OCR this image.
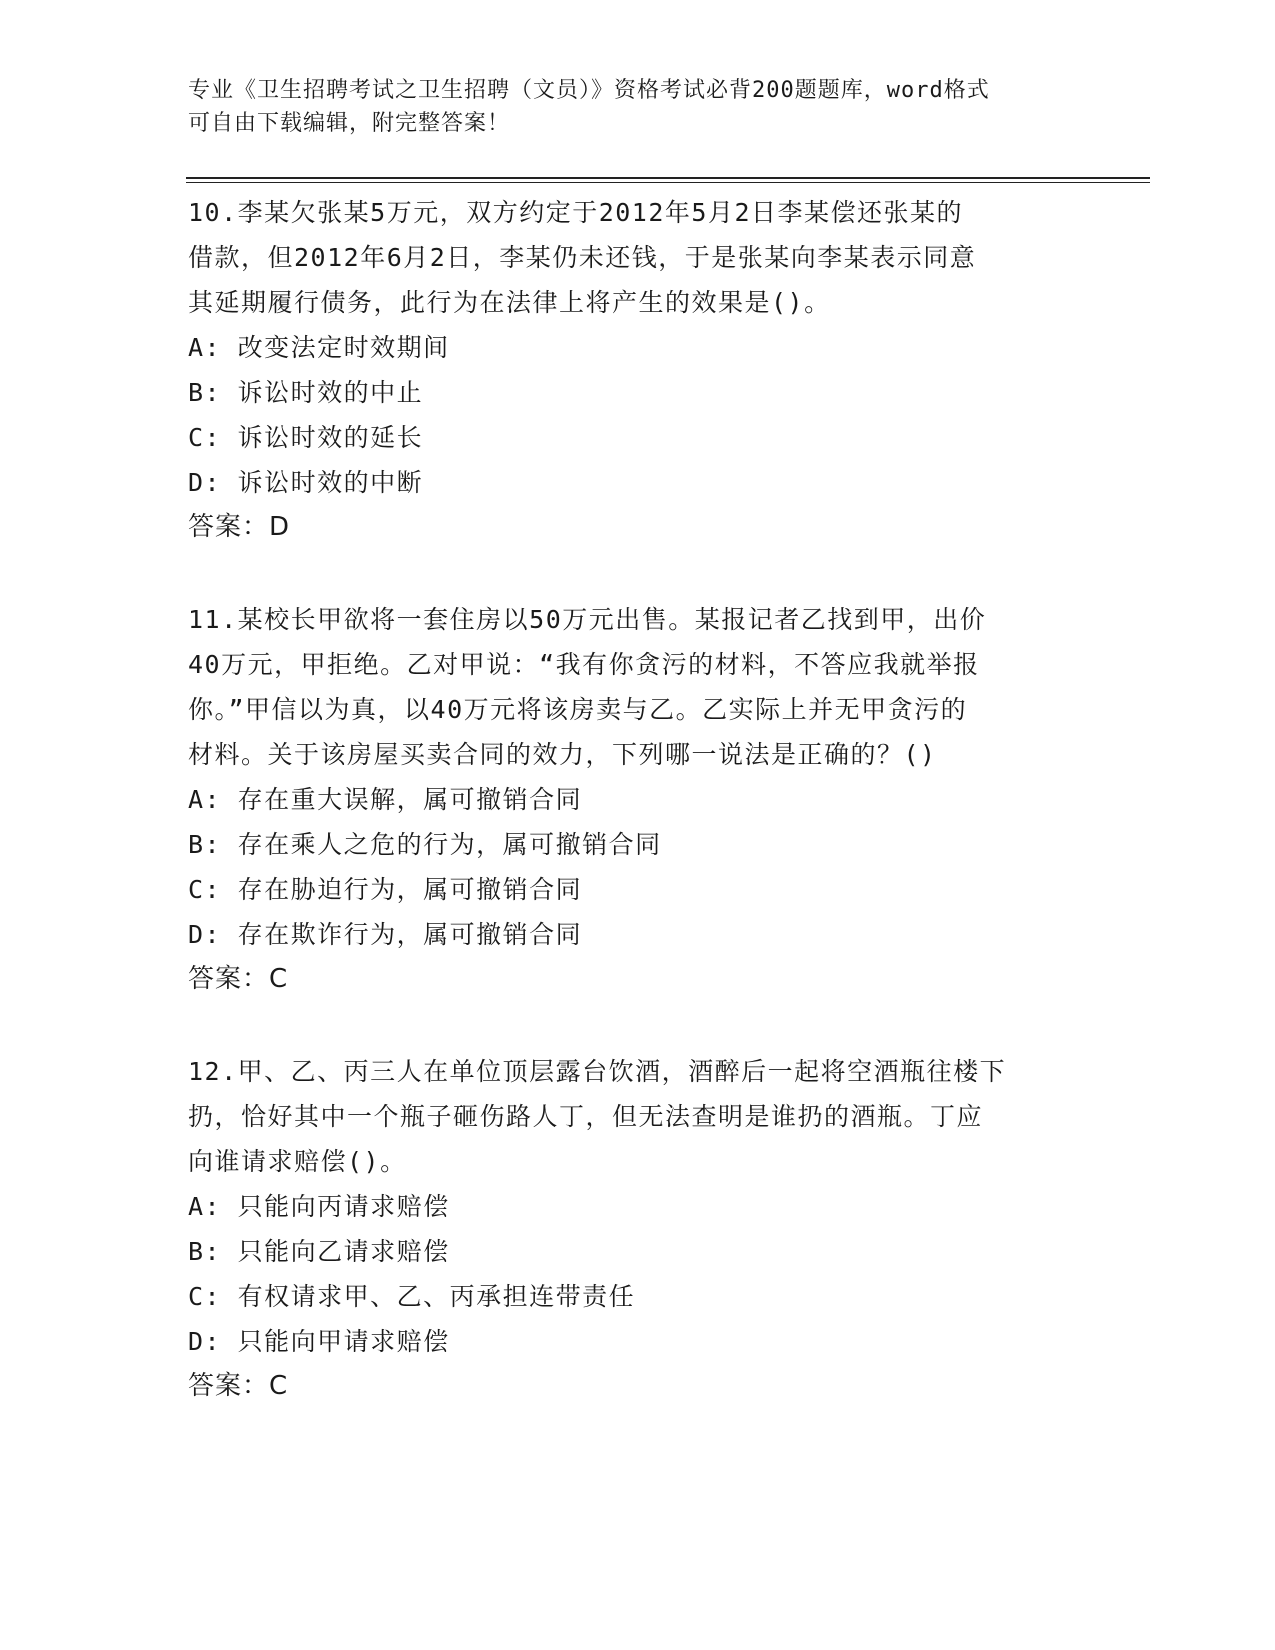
专业《卫生招聘考试之卫生招聘（文员）》资格考试必背200题题库，word格式
可自由下载编辑，附完整答案！
10.李某欠张某5万元，双方约定于2012年5月2日李某偿还张某的
借款，但2012年6月2日，李某仍未还钱，于是张某向李某表示同意
其延期履行债务，此行为在法律上将产生的效果是()。
A: 改变法定时效期间
B: 诉讼时效的中止
C: 诉讼时效的延长
D: 诉讼时效的中断
答案：D
11.某校长甲欲将一套住房以50万元出售。某报记者乙找到甲，出价
40万元，甲拒绝。乙对甲说：“我有你贪污的材料，不答应我就举报
你。”甲信以为真，以40万元将该房卖与乙。乙实际上并无甲贪污的
材料。关于该房屋买卖合同的效力，下列哪一说法是正确的？()
A: 存在重大误解，属可撤销合同
B: 存在乘人之危的行为，属可撤销合同
C: 存在胁迫行为，属可撤销合同
D: 存在欺诈行为，属可撤销合同
答案：C
12.甲、乙、丙三人在单位顶层露台饮酒，酒醉后一起将空酒瓶往楼下
扔，恰好其中一个瓶子砸伤路人丁，但无法查明是谁扔的酒瓶。丁应
向谁请求赔偿()。
A: 只能向丙请求赔偿
B: 只能向乙请求赔偿
C: 有权请求甲、乙、丙承担连带责任
D: 只能向甲请求赔偿
答案：C
